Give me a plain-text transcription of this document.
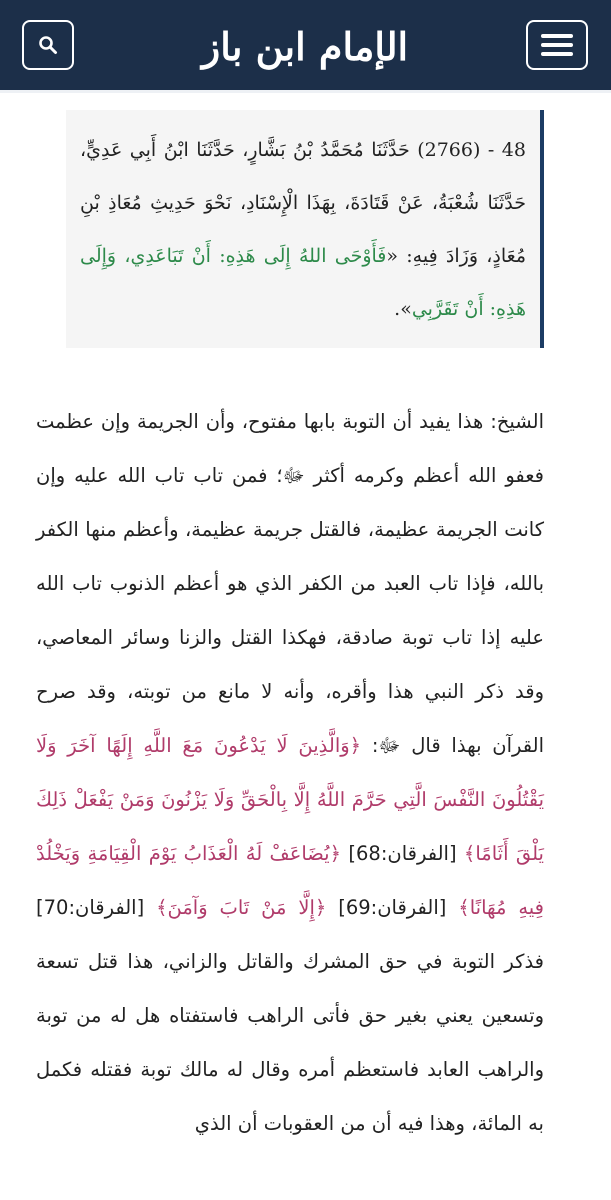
الإمام ابن باز
48 - (2766) حَدَّثَنَا مُحَمَّدُ بْنُ بَشَّارٍ، حَدَّثَنَا ابْنُ أَبِي عَدِيٍّ، حَدَّثَنَا شُعْبَةُ، عَنْ قَتَادَةَ، بِهَذَا الْإِسْنَادِ، نَحْوَ حَدِيثِ مُعَاذِ بْنِ مُعَاذٍ، وَزَادَ فِيهِ: «فَأَوْحَى اللهُ إِلَى هَذِهِ: أَنْ تَبَاعَدِي، وَإِلَى هَذِهِ: أَنْ تَقَرَّبِي».
الشيخ: هذا يفيد أن التوبة بابها مفتوح، وأن الجريمة وإن عظمت فعفو الله أعظم وكرمه أكثر ﷻ؛ فمن تاب تاب الله عليه وإن كانت الجريمة عظيمة، فالقتل جريمة عظيمة، وأعظم منها الكفر بالله، فإذا تاب العبد من الكفر الذي هو أعظم الذنوب تاب الله عليه إذا تاب توبة صادقة، فهكذا القتل والزنا وسائر المعاصي، وقد ذكر النبي هذا وأقره، وأنه لا مانع من توبته، وقد صرح القرآن بهذا قال ﷻ: ﴿وَالَّذِينَ لَا يَدْعُونَ مَعَ اللَّهِ إِلَهًا آخَرَ وَلَا يَقْتُلُونَ النَّفْسَ الَّتِي حَرَّمَ اللَّهُ إِلَّا بِالْحَقِّ وَلَا يَزْنُونَ وَمَنْ يَفْعَلْ ذَلِكَ يَلْقَ أَثَامًا﴾ [الفرقان:68] ﴿يُضَاعَفْ لَهُ الْعَذَابُ يَوْمَ الْقِيَامَةِ وَيَخْلُدْ فِيهِ مُهَانًا﴾ [الفرقان:69] ﴿إِلَّا مَنْ تَابَ وَآمَنَ﴾ [الفرقان:70] فذكر التوبة في حق المشرك والقاتل والزاني، هذا قتل تسعة وتسعين يعني بغير حق فأتى الراهب فاستفتاه هل له من توبة والراهب العابد فاستعظم أمره وقال له مالك توبة فقتله فكمل به المائة، وهذا فيه أن من العقوبات أن الذي
